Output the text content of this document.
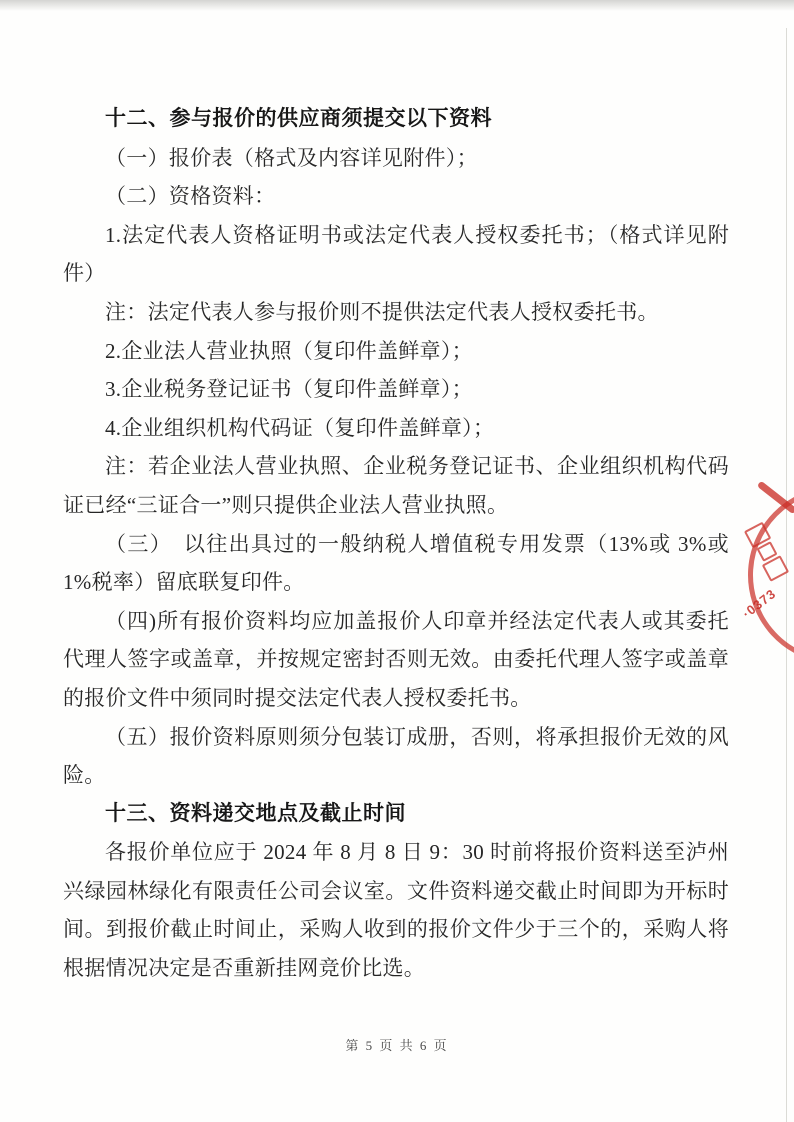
十二、参与报价的供应商须提交以下资料

（一）报价表（格式及内容详见附件）；

（二）资格资料：

1.法定代表人资格证明书或法定代表人授权委托书；（格式详见附件）

注：法定代表人参与报价则不提供法定代表人授权委托书。

2.企业法人营业执照（复印件盖鲜章）；

3.企业税务登记证书（复印件盖鲜章）；

4.企业组织机构代码证（复印件盖鲜章）；

注：若企业法人营业执照、企业税务登记证书、企业组织机构代码证已经“三证合一”则只提供企业法人营业执照。

（三）　以往出具过的一般纳税人增值税专用发票（13%或 3%或 1%税率）留底联复印件。

（四)所有报价资料均应加盖报价人印章并经法定代表人或其委托代理人签字或盖章，并按规定密封否则无效。由委托代理人签字或盖章的报价文件中须同时提交法定代表人授权委托书。

（五）报价资料原则须分包装订成册，否则，将承担报价无效的风险。

十三、资料递交地点及截止时间

各报价单位应于 2024 年 8 月 8 日 9：30 时前将报价资料送至泸州兴绿园林绿化有限责任公司会议室。文件资料递交截止时间即为开标时间。到报价截止时间止，采购人收到的报价文件少于三个的，采购人将根据情况决定是否重新挂网竞价比选。

·0373
第 5 页 共 6 页
